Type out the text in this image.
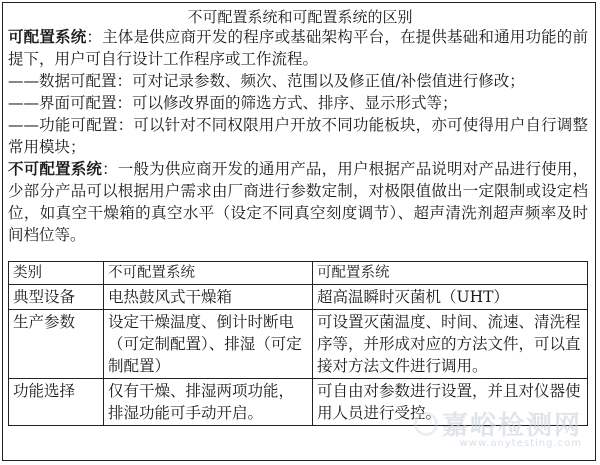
不可配置系统和可配置系统的区别

可配置系统：主体是供应商开发的程序或基础架构平台，在提供基础和通用功能的前提下，用户可自行设计工作程序或工作流程。

——数据可配置：可对记录参数、频次、范围以及修正值/补偿值进行修改；

——界面可配置：可以修改界面的筛选方式、排序、显示形式等；

——功能可配置：可以针对不同权限用户开放不同功能板块，亦可使得用户自行调整常用模块；

不可配置系统：一般为供应商开发的通用产品，用户根据产品说明对产品进行使用，少部分产品可以根据用户需求由厂商进行参数定制，对极限值做出一定限制或设定档位，如真空干燥箱的真空水平（设定不同真空刻度调节）、超声清洗剂超声频率及时间档位等。

类别	不可配置系统	可配置系统
典型设备	电热鼓风式干燥箱	超高温瞬时灭菌机（UHT）
生产参数	设定干燥温度、倒计时断电（可定制配置）、排湿（可定制配置）	可设置灭菌温度、时间、流速、清洗程序等，并形成对应的方法文件，可以直接对方法文件进行调用。
功能选择	仅有干燥、排湿两项功能，排湿功能可手动开启。	可自由对参数进行设置，并且对仪器使用人员进行受控。 嘉峪检测网
www.anytesting.com
